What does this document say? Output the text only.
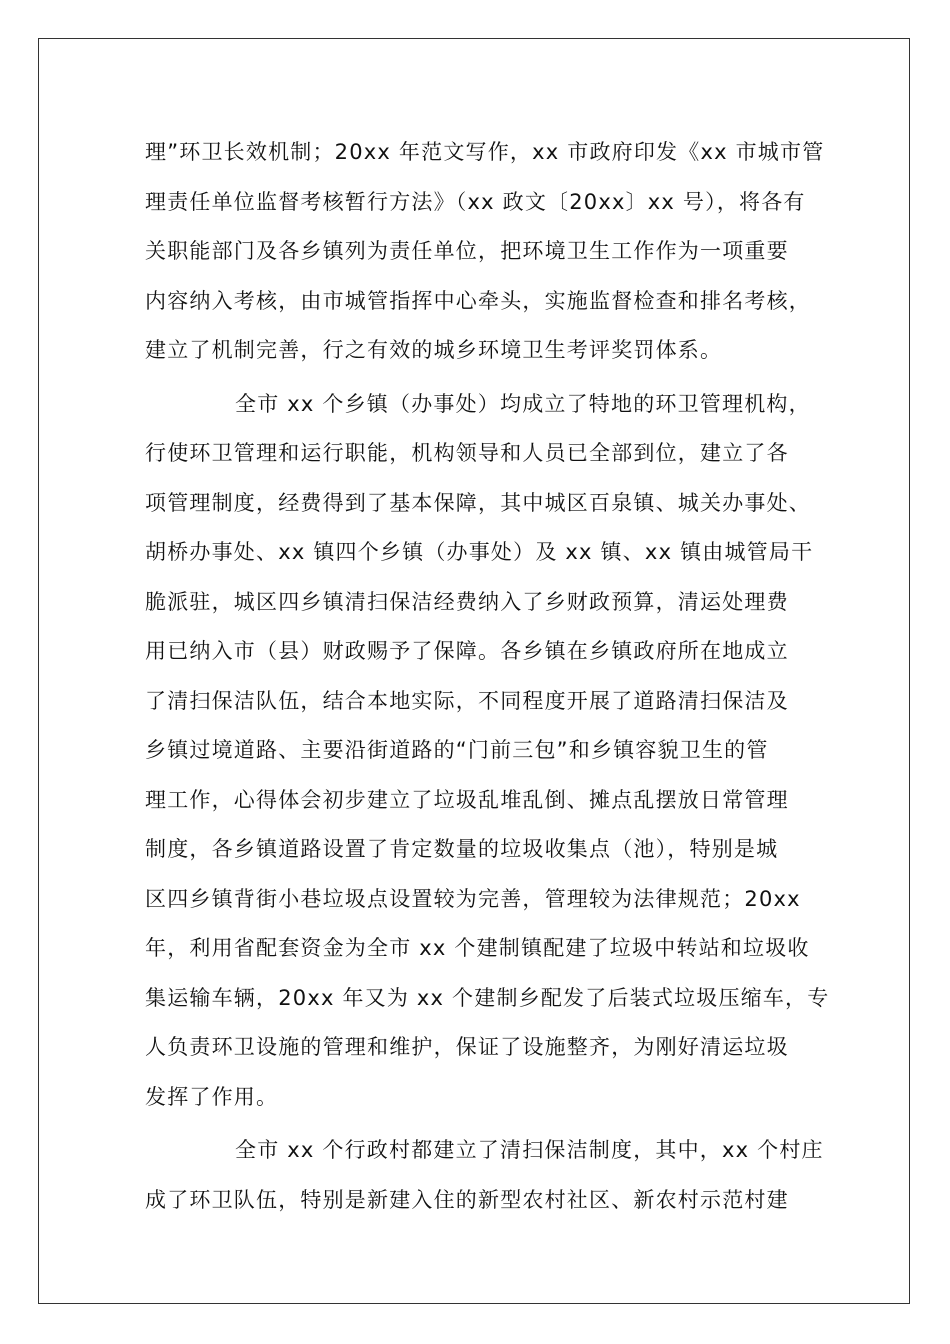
理”环卫长效机制；20xx 年范文写作，xx 市政府印发《xx 市城市管
理责任单位监督考核暂行方法》（xx 政文〔20xx〕xx 号），将各有
关职能部门及各乡镇列为责任单位，把环境卫生工作作为一项重要
内容纳入考核，由市城管指挥中心牵头，实施监督检查和排名考核，
建立了机制完善，行之有效的城乡环境卫生考评奖罚体系。
全市 xx 个乡镇（办事处）均成立了特地的环卫管理机构，
行使环卫管理和运行职能，机构领导和人员已全部到位，建立了各
项管理制度，经费得到了基本保障，其中城区百泉镇、城关办事处、
胡桥办事处、xx 镇四个乡镇（办事处）及 xx 镇、xx 镇由城管局干
脆派驻，城区四乡镇清扫保洁经费纳入了乡财政预算，清运处理费
用已纳入市（县）财政赐予了保障。各乡镇在乡镇政府所在地成立
了清扫保洁队伍，结合本地实际，不同程度开展了道路清扫保洁及
乡镇过境道路、主要沿街道路的“门前三包”和乡镇容貌卫生的管
理工作，心得体会初步建立了垃圾乱堆乱倒、摊点乱摆放日常管理
制度，各乡镇道路设置了肯定数量的垃圾收集点（池），特别是城
区四乡镇背街小巷垃圾点设置较为完善，管理较为法律规范；20xx
年，利用省配套资金为全市 xx 个建制镇配建了垃圾中转站和垃圾收
集运输车辆，20xx 年又为 xx 个建制乡配发了后装式垃圾压缩车，专
人负责环卫设施的管理和维护，保证了设施整齐，为刚好清运垃圾
发挥了作用。
全市 xx 个行政村都建立了清扫保洁制度，其中，xx 个村庄
成了环卫队伍，特别是新建入住的新型农村社区、新农村示范村建
